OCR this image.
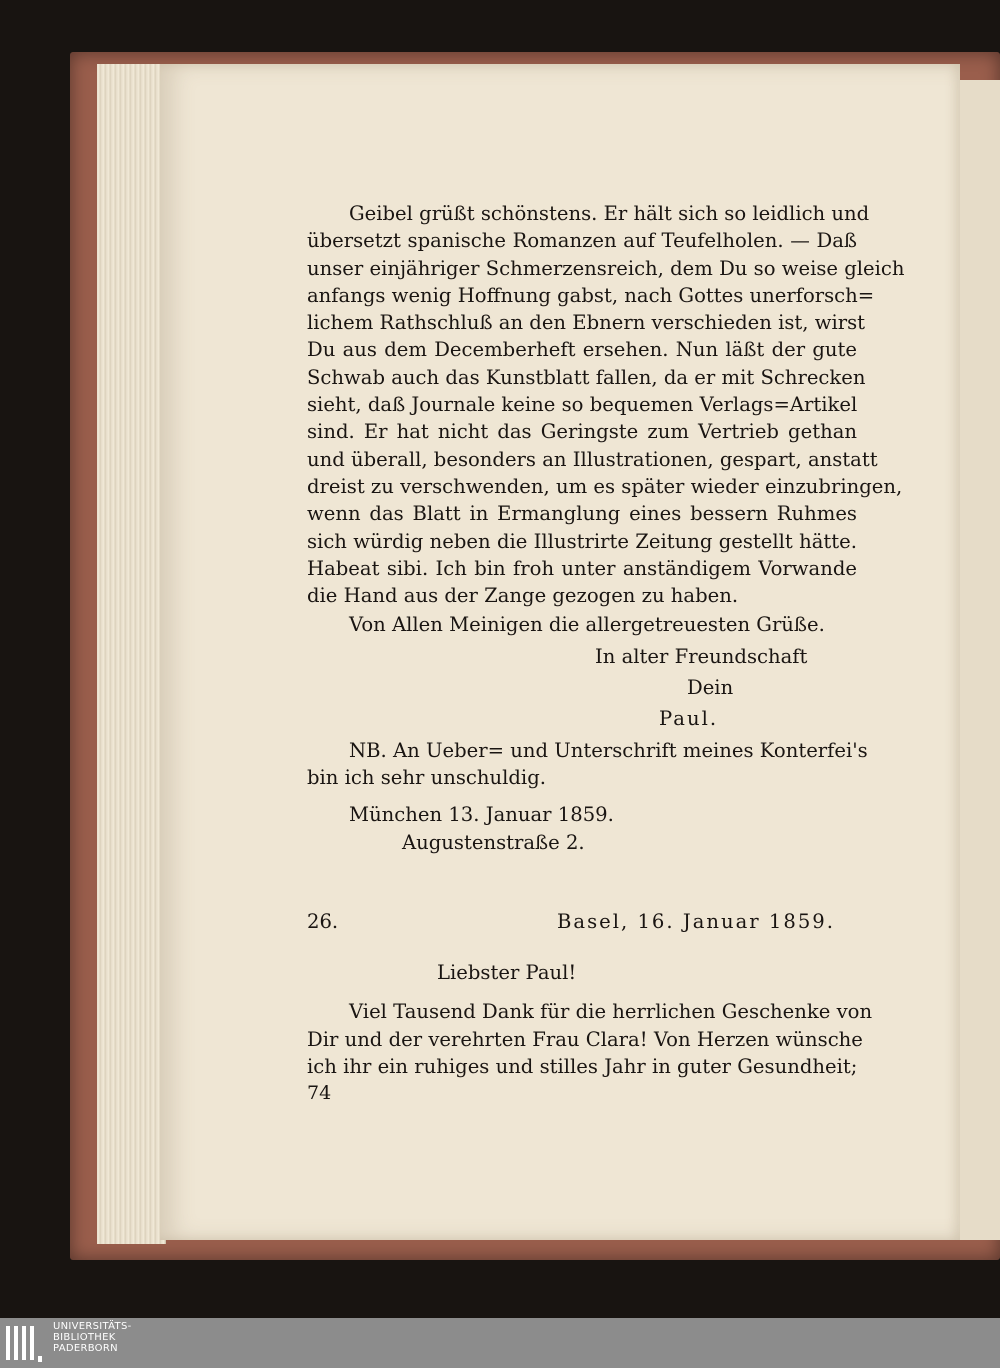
Geibel grüßt schönstens. Er hält sich so leidlich und
übersetzt spanische Romanzen auf Teufelholen. — Daß
unser einjähriger Schmerzensreich, dem Du so weise gleich
anfangs wenig Hoffnung gabst, nach Gottes unerforsch=
lichem Rathschluß an den Ebnern verschieden ist, wirst
Du aus dem Decemberheft ersehen. Nun läßt der gute
Schwab auch das Kunstblatt fallen, da er mit Schrecken
sieht, daß Journale keine so bequemen Verlags=Artikel
sind. Er hat nicht das Geringste zum Vertrieb gethan
und überall, besonders an Illustrationen, gespart, anstatt
dreist zu verschwenden, um es später wieder einzubringen,
wenn das Blatt in Ermanglung eines bessern Ruhmes
sich würdig neben die Illustrirte Zeitung gestellt hätte.
Habeat sibi. Ich bin froh unter anständigem Vorwande
die Hand aus der Zange gezogen zu haben.
Von Allen Meinigen die allergetreuesten Grüße.
In alter Freundschaft
Dein
Paul.
NB. An Ueber= und Unterschrift meines Konterfei's
bin ich sehr unschuldig.
München 13. Januar 1859.
Augustenstraße 2.
26.	Basel, 16. Januar 1859.
Liebster Paul!
Viel Tausend Dank für die herrlichen Geschenke von
Dir und der verehrten Frau Clara! Von Herzen wünsche
ich ihr ein ruhiges und stilles Jahr in guter Gesundheit;
74
UNIVERSITÄTS-
BIBLIOTHEK
PADERBORN
